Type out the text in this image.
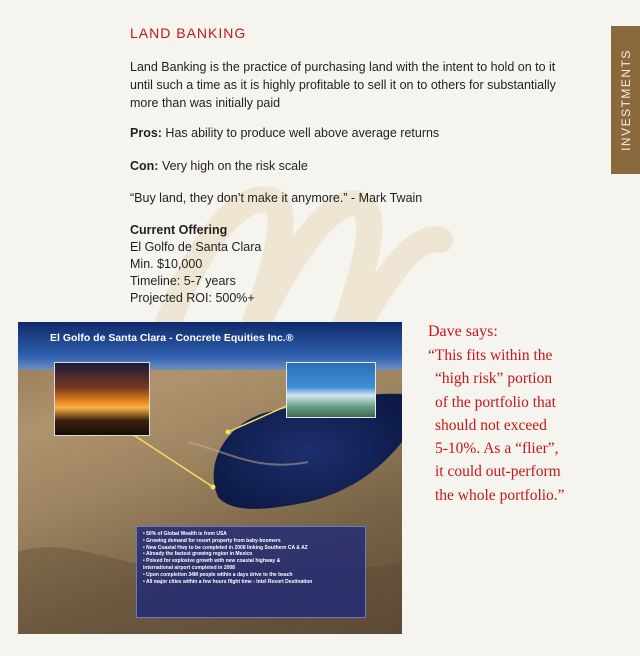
INVESTMENTS
LAND BANKING
Land Banking is the practice of purchasing land with the intent to hold on to it until such a time as it is highly profitable to sell it on to others for substantially more than was initially paid
Pros: Has ability to produce well above average returns
Con: Very high on the risk scale
“Buy land, they don’t make it anymore.” - Mark Twain
Current Offering
El Golfo de Santa Clara
Min. $10,000
Timeline: 5-7 years
Projected ROI: 500%+
El Golfo de Santa Clara - Concrete Equities Inc.®
• 50% of Global Wealth is from USA
• Growing demand for resort property from baby-boomers
• New Coastal Hwy to be completed in 2008 linking Southern CA & AZ
• Already the fastest growing region in Mexico
• Poised for explosive growth with new coastal highway &
international airport completed in 2008
• Upon completion 34M people within a days drive to the beach
• All major cities within a few hours flight time - Intel Resort Destination
Dave says:
“This fits within the
“high risk” portion
of the portfolio that
should not exceed
5-10%. As a “flier”,
it could out-perform
the whole portfolio.”
